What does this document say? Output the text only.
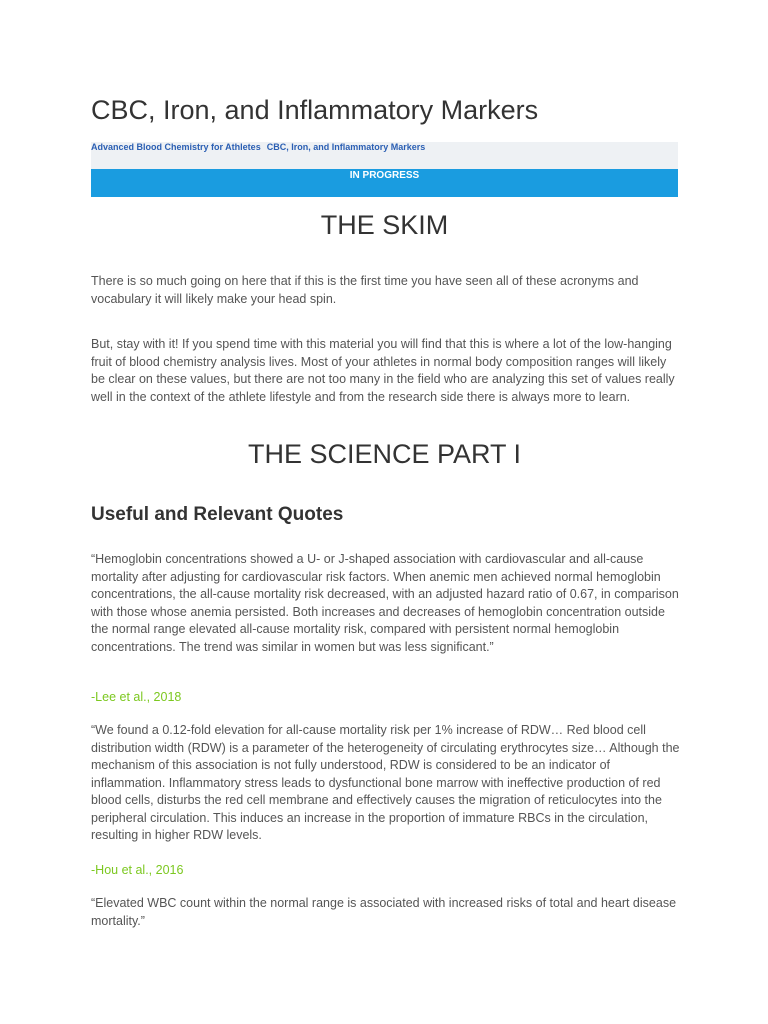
CBC, Iron, and Inflammatory Markers
Advanced Blood Chemistry for Athletes CBC, Iron, and Inflammatory Markers
IN PROGRESS
THE SKIM

There is so much going on here that if this is the first time you have seen all of these acronyms and vocabulary it will likely make your head spin.

But, stay with it! If you spend time with this material you will find that this is where a lot of the low-hanging fruit of blood chemistry analysis lives. Most of your athletes in normal body composition ranges will likely be clear on these values, but there are not too many in the field who are analyzing this set of values really well in the context of the athlete lifestyle and from the research side there is always more to learn.

THE SCIENCE PART I
Useful and Relevant Quotes

“Hemoglobin concentrations showed a U- or J-shaped association with cardiovascular and all-cause mortality after adjusting for cardiovascular risk factors. When anemic men achieved normal hemoglobin concentrations, the all-cause mortality risk decreased, with an adjusted hazard ratio of 0.67, in comparison with those whose anemia persisted. Both increases and decreases of hemoglobin concentration outside the normal range elevated all-cause mortality risk, compared with persistent normal hemoglobin concentrations. The trend was similar in women but was less significant.”

-Lee et al., 2018

“We found a 0.12-fold elevation for all-cause mortality risk per 1% increase of RDW… Red blood cell distribution width (RDW) is a parameter of the heterogeneity of circulating erythrocytes size… Although the mechanism of this association is not fully understood, RDW is considered to be an indicator of inflammation. Inflammatory stress leads to dysfunctional bone marrow with ineffective production of red blood cells, disturbs the red cell membrane and effectively causes the migration of reticulocytes into the peripheral circulation. This induces an increase in the proportion of immature RBCs in the circulation, resulting in higher RDW levels.

-Hou et al., 2016

“Elevated WBC count within the normal range is associated with increased risks of total and heart disease mortality.”
